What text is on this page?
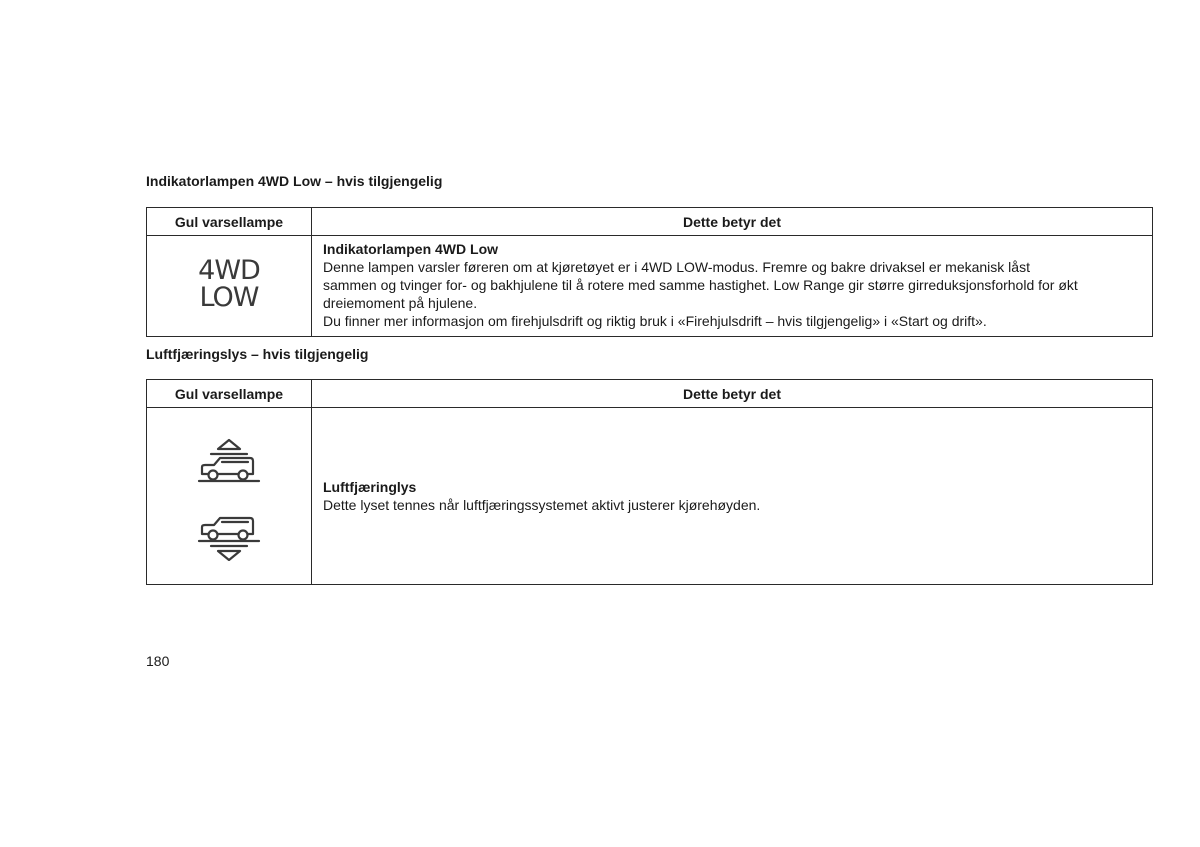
Indikatorlampen 4WD Low – hvis tilgjengelig
Gul varsellampe	Dette betyr det

4WD
LOW	Indikatorlampen 4WD Low
Denne lampen varsler føreren om at kjøretøyet er i 4WD LOW-modus. Fremre og bakre drivaksel er mekanisk låst
sammen og tvinger for- og bakhjulene til å rotere med samme hastighet. Low Range gir større girreduksjonsforhold for økt
dreiemoment på hjulene.
Du finner mer informasjon om firehjulsdrift og riktig bruk i «Firehjulsdrift – hvis tilgjengelig» i «Start og drift».
Luftfjæringslys – hvis tilgjengelig
Gul varsellampe	Dette betyr det

Luftfjæringlys
Dette lyset tennes når luftfjæringssystemet aktivt justerer kjørehøyden.
180
